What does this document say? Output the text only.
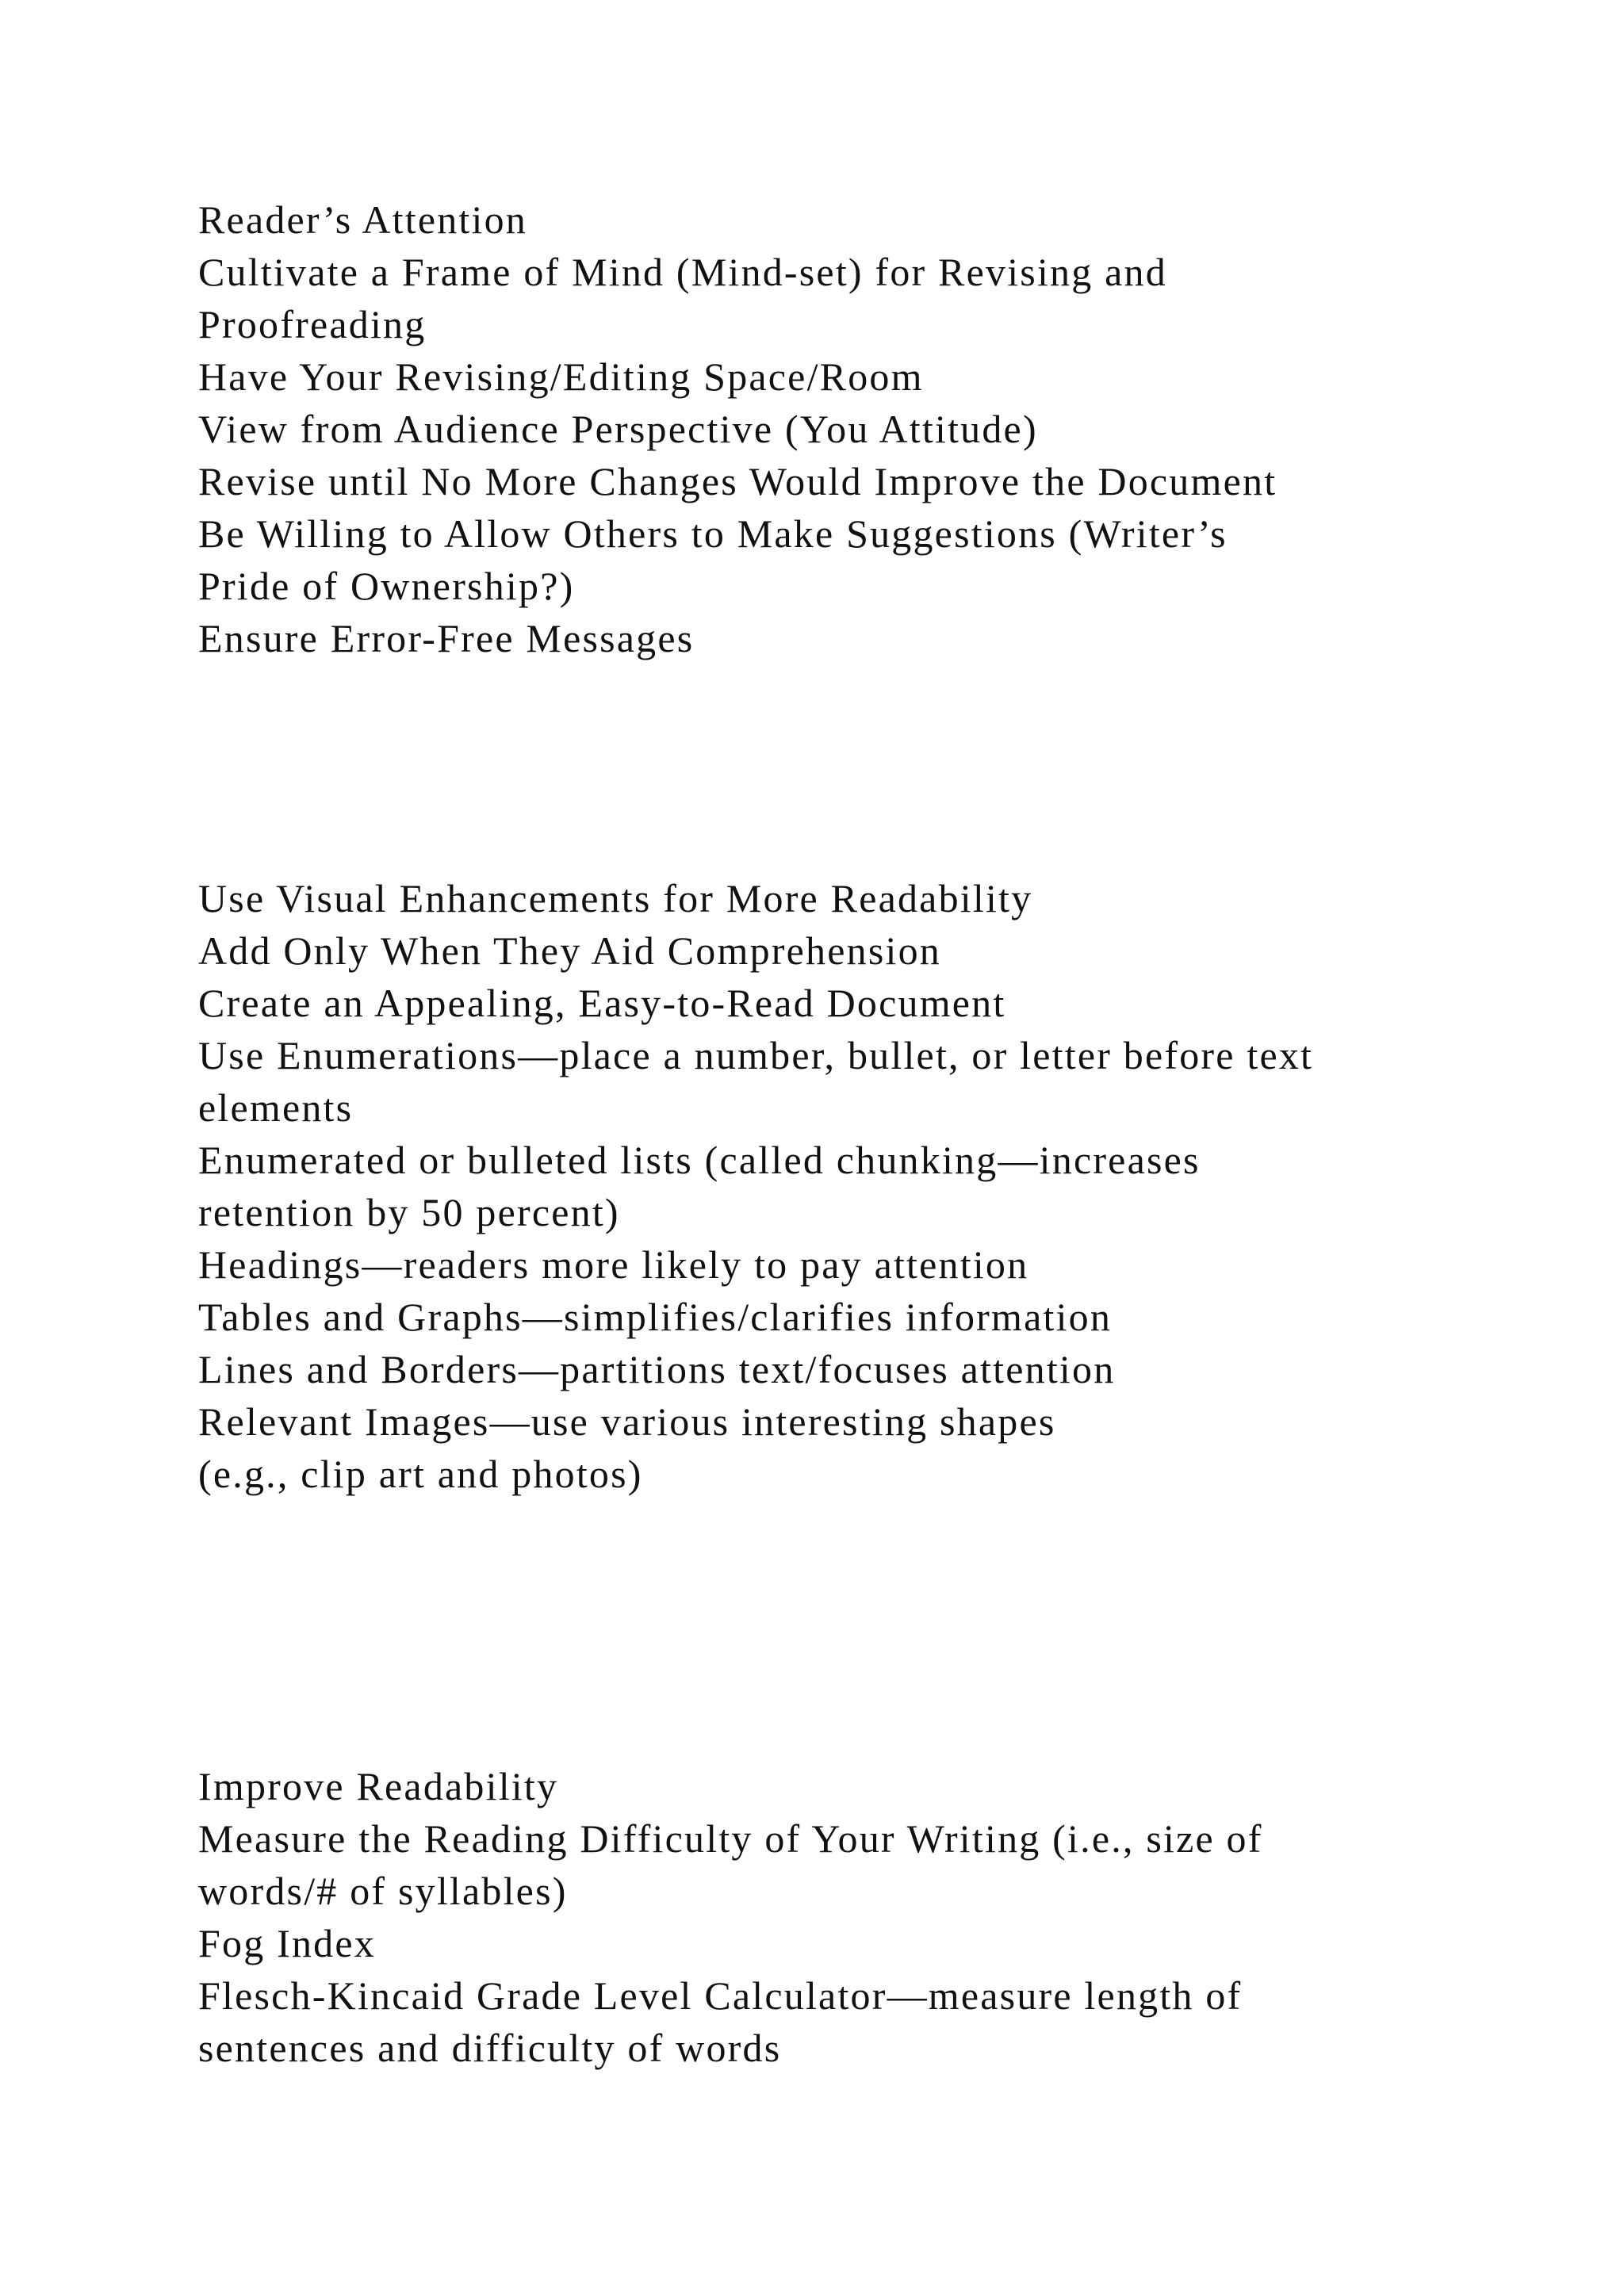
Reader’s Attention
Cultivate a Frame of Mind (Mind-set) for Revising and
Proofreading
Have Your Revising/Editing Space/Room
View from Audience Perspective (You Attitude)
Revise until No More Changes Would Improve the Document
Be Willing to Allow Others to Make Suggestions (Writer’s
Pride of Ownership?)
Ensure Error-Free Messages
Use Visual Enhancements for More Readability
Add Only When They Aid Comprehension
Create an Appealing, Easy-to-Read Document
Use Enumerations—place a number, bullet, or letter before text
elements
Enumerated or bulleted lists (called chunking—increases
retention by 50 percent)
Headings—readers more likely to pay attention
Tables and Graphs—simplifies/clarifies information
Lines and Borders—partitions text/focuses attention
Relevant Images—use various interesting shapes
(e.g., clip art and photos)
Improve Readability
Measure the Reading Difficulty of Your Writing (i.e., size of
words/# of syllables)
Fog Index
Flesch-Kincaid Grade Level Calculator—measure length of
sentences and difficulty of words
